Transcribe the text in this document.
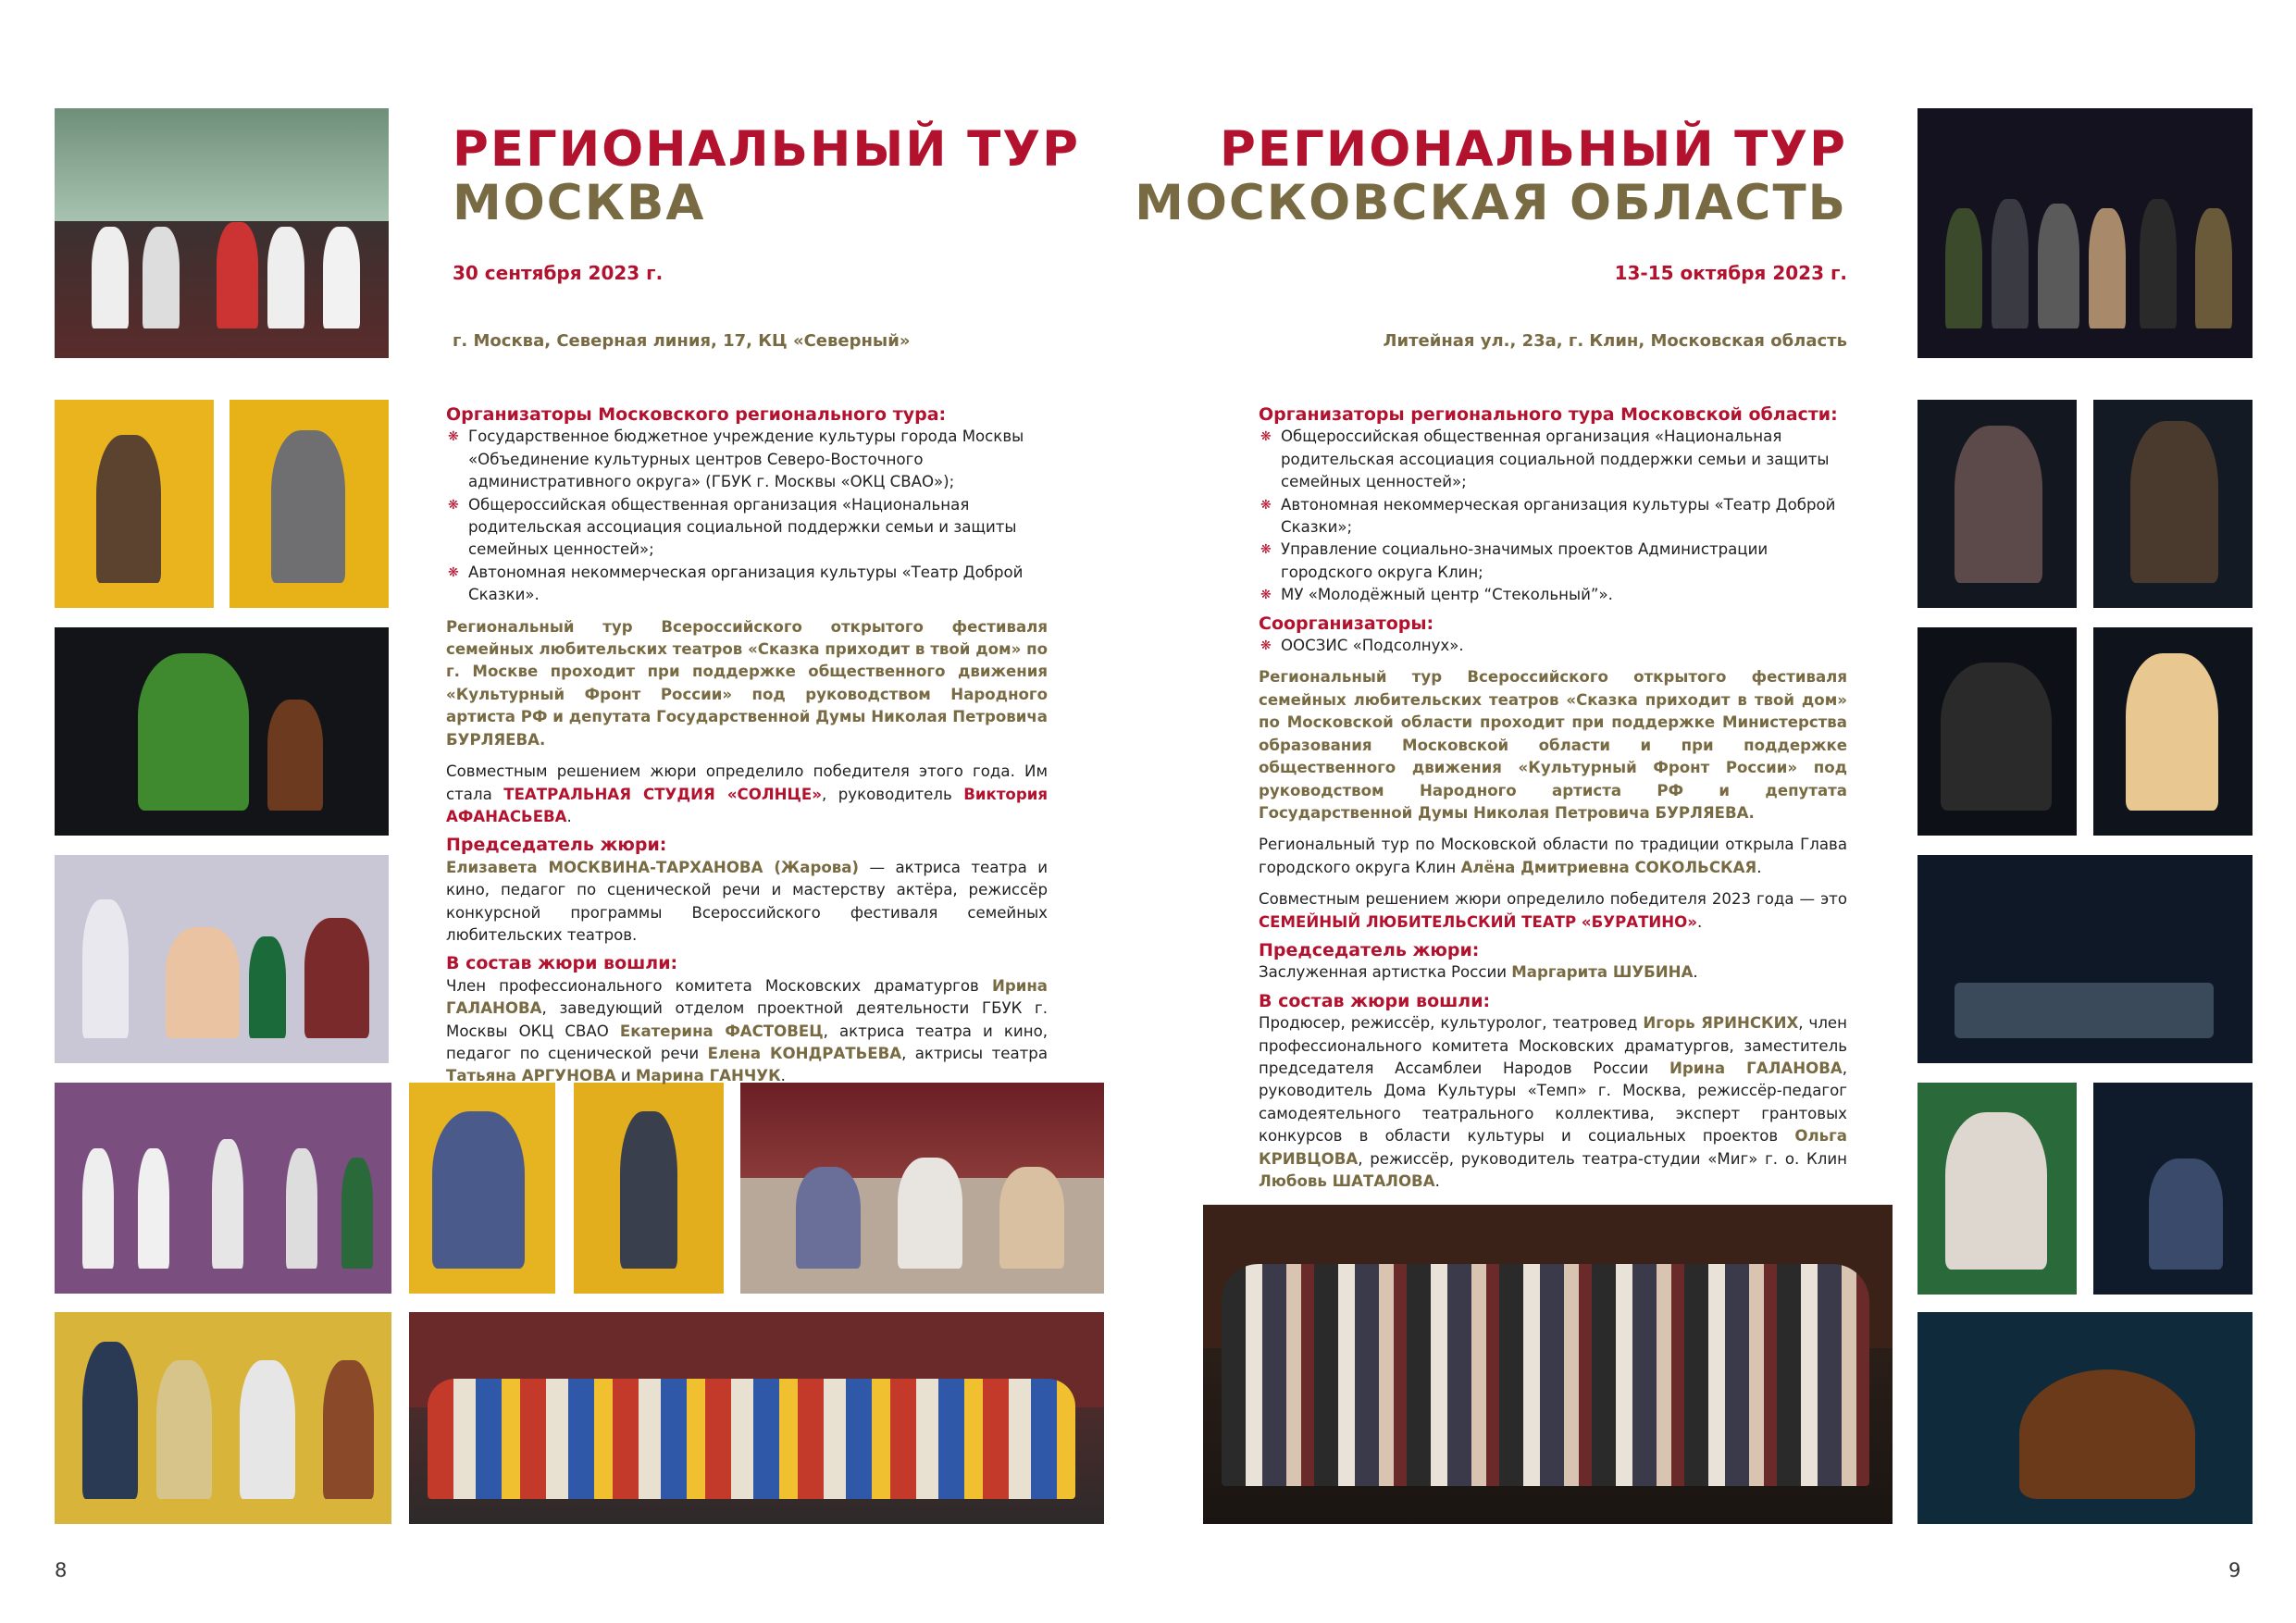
РЕГИОНАЛЬНЫЙ ТУР
МОСКВА
30 сентября 2023 г.
г. Москва, Северная линия, 17, КЦ «Северный»
Организаторы Московского регионального тура:
❋ Государственное бюджетное учреждение культуры города Москвы «Объединение культурных центров Северо-Восточного административного округа» (ГБУК г. Москвы «ОКЦ СВАО»);
❋ Общероссийская общественная организация «Национальная родительская ассоциация социальной поддержки семьи и защиты семейных ценностей»;
❋ Автономная некоммерческая организация культуры «Театр Доброй Сказки».

Региональный тур Всероссийского открытого фестиваля семейных любительских театров «Сказка приходит в твой дом» по г. Москве проходит при поддержке общественного движения «Культурный Фронт России» под руководством Народного артиста РФ и депутата Государственной Думы Николая Петровича БУРЛЯЕВА.

Совместным решением жюри определило победителя этого года. Им стала ТЕАТРАЛЬНАЯ СТУДИЯ «СОЛНЦЕ», руководитель Виктория АФАНАСЬЕВА.

Председатель жюри:
Елизавета МОСКВИНА-ТАРХАНОВА (Жарова) — актриса театра и кино, педагог по сценической речи и мастерству актёра, режиссёр конкурсной программы Всероссийского фестиваля семейных любительских театров.
В состав жюри вошли:
Член профессионального комитета Московских драматургов Ирина ГАЛАНОВА, заведующий отделом проектной деятельности ГБУК г. Москвы ОКЦ СВАО Екатерина ФАСТОВЕЦ, актриса театра и кино, педагог по сценической речи Елена КОНДРАТЬЕВА, актрисы театра Татьяна АРГУНОВА и Марина ГАНЧУК.
8
РЕГИОНАЛЬНЫЙ ТУР
МОСКОВСКАЯ ОБЛАСТЬ
13-15 октября 2023 г.
Литейная ул., 23а, г. Клин, Московская область
Организаторы регионального тура Московской области:
❋ Общероссийская общественная организация «Национальная родительская ассоциация социальной поддержки семьи и защиты семейных ценностей»;
❋ Автономная некоммерческая организация культуры «Театр Доброй Сказки»;
❋ Управление социально-значимых проектов Администрации городского округа Клин;
❋ МУ «Молодёжный центр “Стекольный”».
Соорганизаторы:
❋ ООСЗИС «Подсолнух».

Региональный тур Всероссийского открытого фестиваля семейных любительских театров «Сказка приходит в твой дом» по Московской области проходит при поддержке Министерства образования Московской области и при поддержке общественного движения «Культурный Фронт России» под руководством Народного артиста РФ и депутата Государственной Думы Николая Петровича БУРЛЯЕВА.

Региональный тур по Московской области по традиции открыла Глава городского округа Клин Алёна Дмитриевна СОКОЛЬСКАЯ.

Совместным решением жюри определило победителя 2023 года — это СЕМЕЙНЫЙ ЛЮБИТЕЛЬСКИЙ ТЕАТР «БУРАТИНО».

Председатель жюри:
Заслуженная артистка России Маргарита ШУБИНА.
В состав жюри вошли:
Продюсер, режиссёр, культуролог, театровед Игорь ЯРИНСКИХ, член профессионального комитета Московских драматургов, заместитель председателя Ассамблеи Народов России Ирина ГАЛАНОВА, руководитель Дома Культуры «Темп» г. Москва, режиссёр-педагог самодеятельного театрального коллектива, эксперт грантовых конкурсов в области культуры и социальных проектов Ольга КРИВЦОВА, режиссёр, руководитель театра-студии «Миг» г. о. Клин Любовь ШАТАЛОВА.
9
